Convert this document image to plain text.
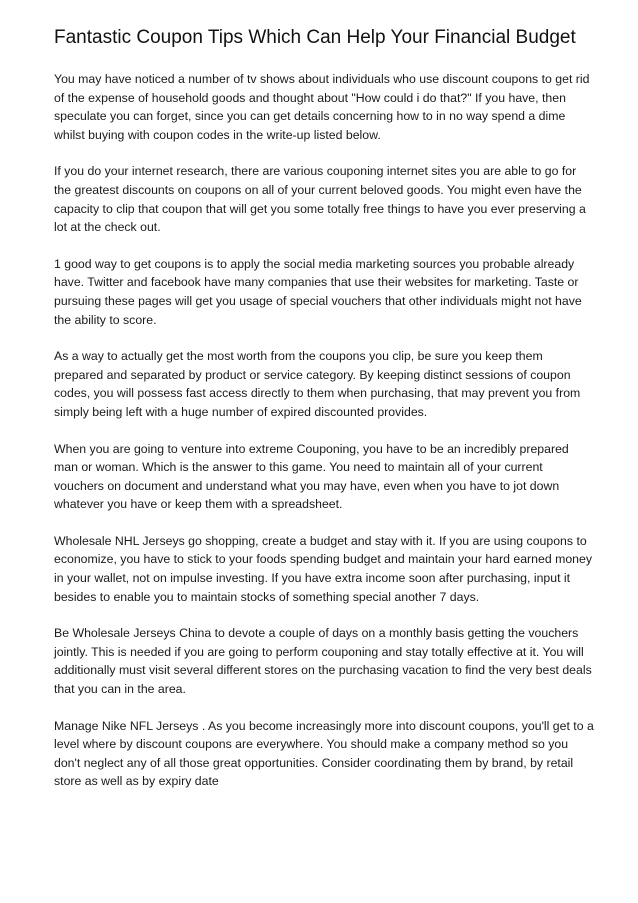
Fantastic Coupon Tips Which Can Help Your Financial Budget

You may have noticed a number of tv shows about individuals who use discount coupons to get rid of the expense of household goods and thought about "How could i do that?" If you have, then speculate you can forget, since you can get details concerning how to in no way spend a dime whilst buying with coupon codes in the write-up listed below.

If you do your internet research, there are various couponing internet sites you are able to go for the greatest discounts on coupons on all of your current beloved goods. You might even have the capacity to clip that coupon that will get you some totally free things to have you ever preserving a lot at the check out.

1 good way to get coupons is to apply the social media marketing sources you probable already have. Twitter and facebook have many companies that use their websites for marketing. Taste or pursuing these pages will get you usage of special vouchers that other individuals might not have the ability to score.

As a way to actually get the most worth from the coupons you clip, be sure you keep them prepared and separated by product or service category. By keeping distinct sessions of coupon codes, you will possess fast access directly to them when purchasing, that may prevent you from simply being left with a huge number of expired discounted provides.

When you are going to venture into extreme Couponing, you have to be an incredibly prepared man or woman. Which is the answer to this game. You need to maintain all of your current vouchers on document and understand what you may have, even when you have to jot down whatever you have or keep them with a spreadsheet.

Wholesale NHL Jerseys go shopping, create a budget and stay with it. If you are using coupons to economize, you have to stick to your foods spending budget and maintain your hard earned money in your wallet, not on impulse investing. If you have extra income soon after purchasing, input it besides to enable you to maintain stocks of something special another 7 days.

Be Wholesale Jerseys China to devote a couple of days on a monthly basis getting the vouchers jointly. This is needed if you are going to perform couponing and stay totally effective at it. You will additionally must visit several different stores on the purchasing vacation to find the very best deals that you can in the area.

Manage Nike NFL Jerseys . As you become increasingly more into discount coupons, you'll get to a level where by discount coupons are everywhere. You should make a company method so you don't neglect any of all those great opportunities. Consider coordinating them by brand, by retail store as well as by expiry date
